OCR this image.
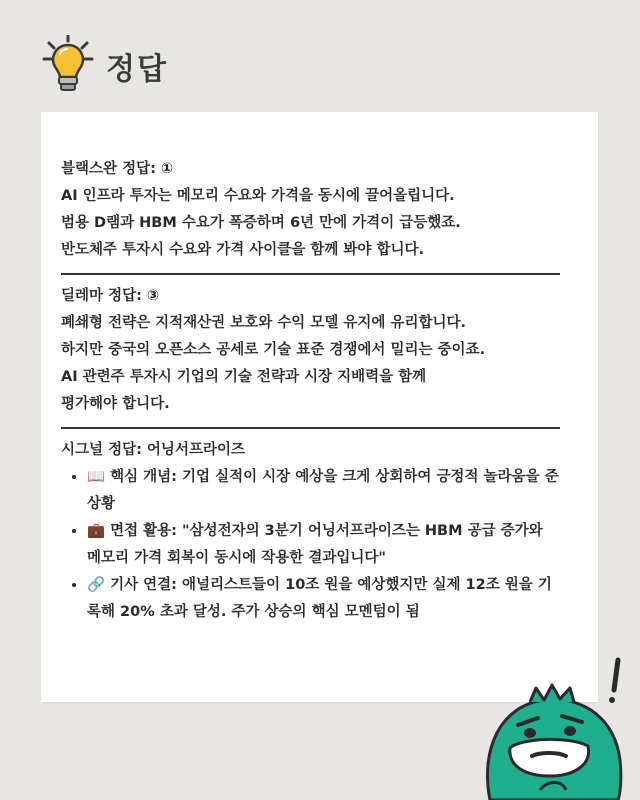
정답

블랙스완 정답: ①

AI 인프라 투자는 메모리 수요와 가격을 동시에 끌어올립니다.

범용 D램과 HBM 수요가 폭증하며 6년 만에 가격이 급등했죠.

반도체주 투자시 수요와 가격 사이클을 함께 봐야 합니다.

딜레마 정답: ③

폐쇄형 전략은 지적재산권 보호와 수익 모델 유지에 유리합니다.

하지만 중국의 오픈소스 공세로 기술 표준 경쟁에서 밀리는 중이죠.

AI 관련주 투자시 기업의 기술 전략과 시장 지배력을 함께

평가해야 합니다.

시그널 정답: 어닝서프라이즈

• 📖 핵심 개념: 기업 실적이 시장 예상을 크게 상회하여 긍정적 놀라움을 준 상황
• 💼 면접 활용: "삼성전자의 3분기 어닝서프라이즈는 HBM 공급 증가와 메모리 가격 회복이 동시에 작용한 결과입니다"
• 🔗 기사 연결: 애널리스트들이 10조 원을 예상했지만 실제 12조 원을 기록해 20% 초과 달성. 주가 상승의 핵심 모멘텀이 됨
